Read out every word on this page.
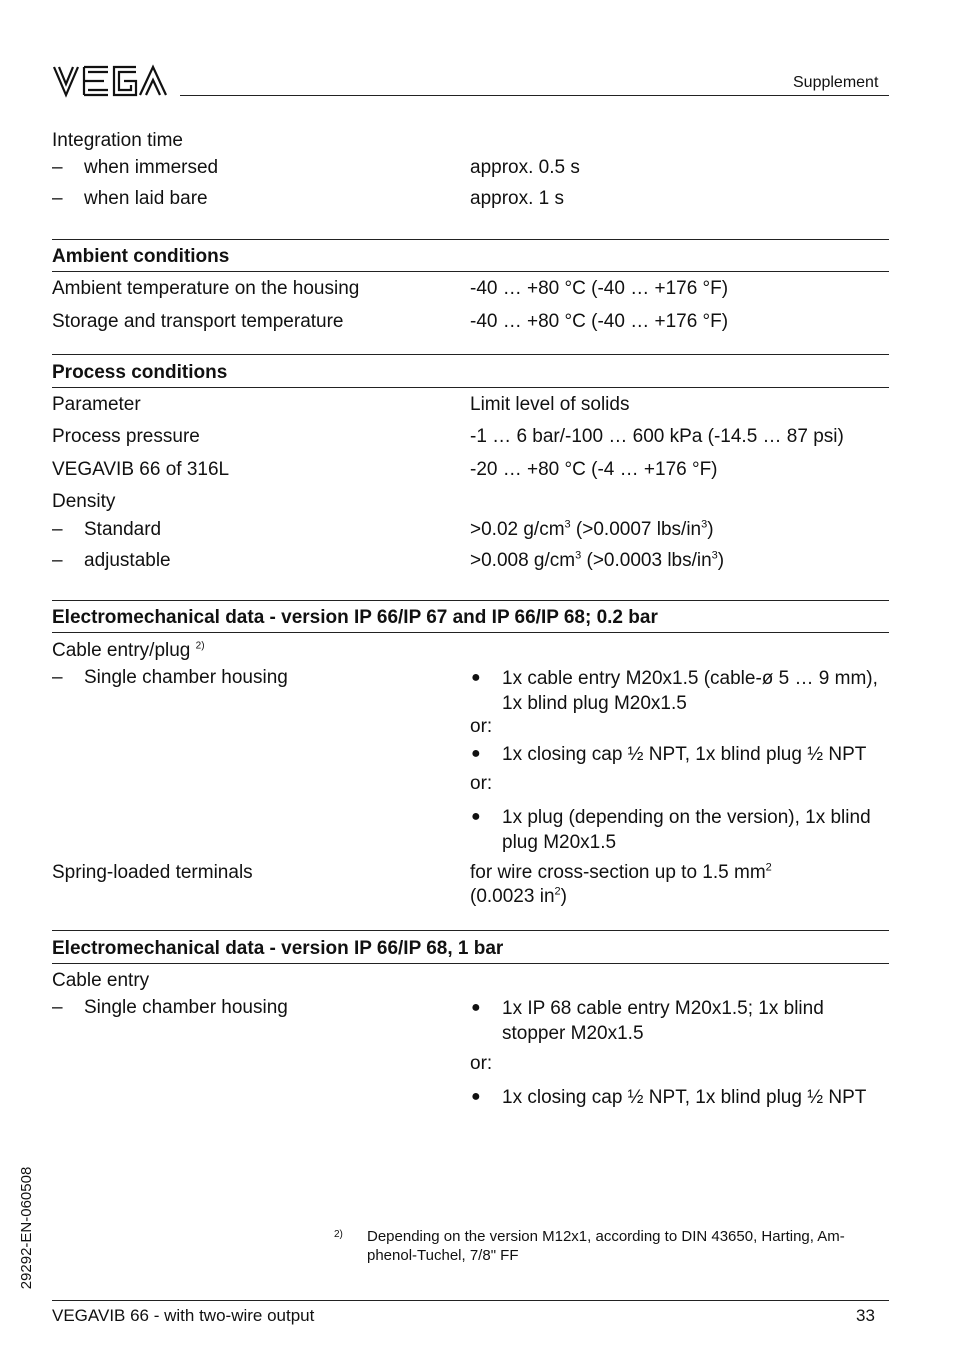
Supplement
Integration time
– when immersed	approx. 0.5 s
– when laid bare	approx. 1 s
Ambient conditions
Ambient temperature on the housing	-40 … +80 °C (-40 … +176 °F)
Storage and transport temperature	-40 … +80 °C (-40 … +176 °F)
Process conditions
Parameter	Limit level of solids
Process pressure	-1 … 6 bar/-100 … 600 kPa (-14.5 … 87 psi)
VEGAVIB 66 of 316L	-20 … +80 °C (-4 … +176 °F)
Density
– Standard	>0.02 $g/cm^3$ (>0.0007 lbs/$in^3$)
– adjustable	>0.008 $g/cm^3$ (>0.0003 lbs/$in^3$)
Electromechanical data - version IP 66/IP 67 and IP 66/IP 68; 0.2 bar
Cable entry/plug $^{2)}$
– Single chamber housing	● 1x cable entry M20x1.5 (cable-ø 5 … 9 mm),
1x blind plug M20x1.5
or:
● 1x closing cap ½ NPT, 1x blind plug ½ NPT
or:
● 1x plug (depending on the version), 1x blind
plug M20x1.5
Spring-loaded terminals	for wire cross-section up to 1.5 $mm^2$
(0.0023 $in^2$)
Electromechanical data - version IP 66/IP 68, 1 bar
Cable entry
– Single chamber housing	● 1x IP 68 cable entry M20x1.5; 1x blind
stopper M20x1.5
or:
● 1x closing cap ½ NPT, 1x blind plug ½ NPT
29292-EN-060508	2) Depending on the version M12x1, according to DIN 43650, Harting, Am-
phenol-Tuchel, 7/8" FF
VEGAVIB 66 - with two-wire output	33
